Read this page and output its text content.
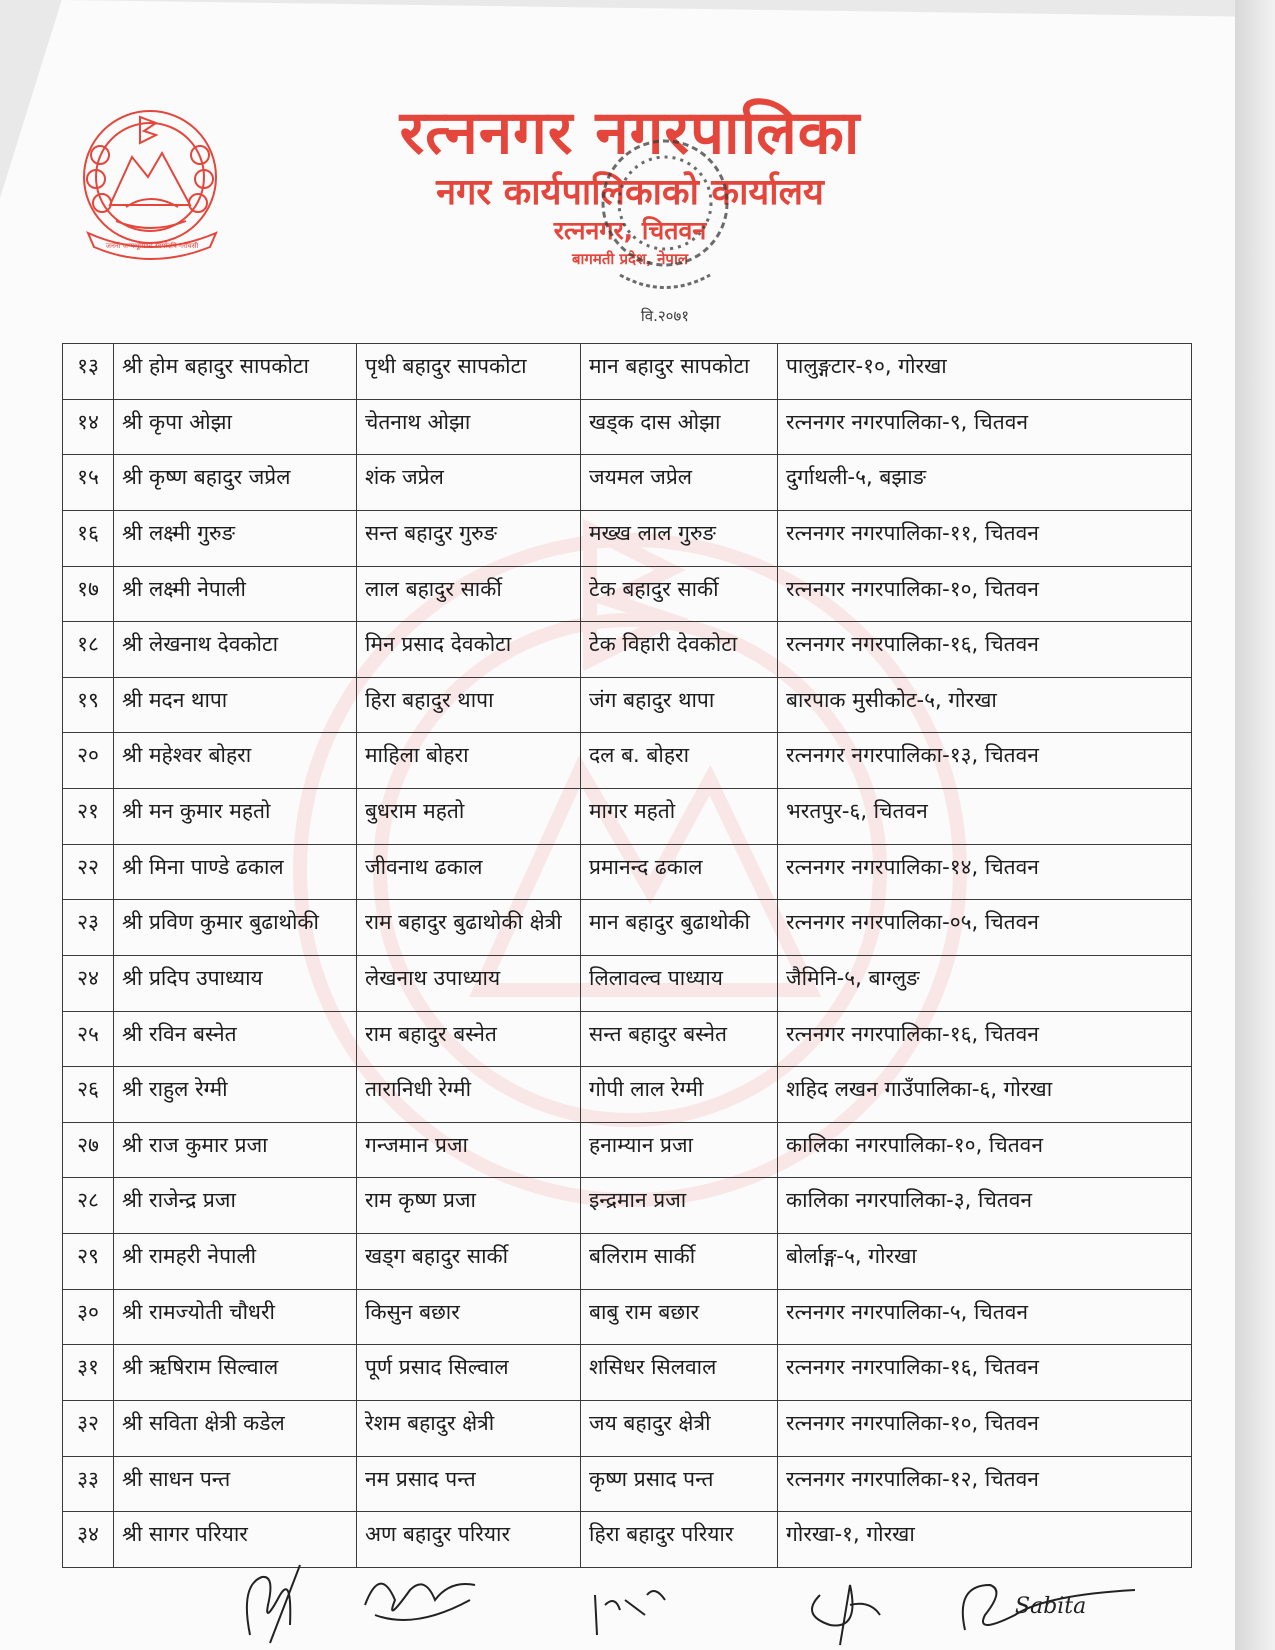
जननी जन्मभूमिश्च स्वर्गादपि गरीयसी
रत्ननगर नगरपालिका
नगर कार्यपालिकाको कार्यालय
रत्ननगर, चितवन
बागमती प्रदेश, नेपाल
वि.२०७१
१३	श्री होम बहादुर सापकोटा	पृथी बहादुर सापकोटा	मान बहादुर सापकोटा	पालुङ्गटार-१०, गोरखा
१४	श्री कृपा ओझा	चेतनाथ ओझा	खड्क दास ओझा	रत्ननगर नगरपालिका-९, चितवन
१५	श्री कृष्ण बहादुर जप्रेल	शंक जप्रेल	जयमल जप्रेल	दुर्गाथली-५, बझाङ
१६	श्री लक्ष्मी गुरुङ	सन्त बहादुर गुरुङ	मख्ख लाल गुरुङ	रत्ननगर नगरपालिका-११, चितवन
१७	श्री लक्ष्मी नेपाली	लाल बहादुर सार्की	टेक बहादुर सार्की	रत्ननगर नगरपालिका-१०, चितवन
१८	श्री लेखनाथ देवकोटा	मिन प्रसाद देवकोटा	टेक विहारी देवकोटा	रत्ननगर नगरपालिका-१६, चितवन
१९	श्री मदन थापा	हिरा बहादुर थापा	जंग बहादुर थापा	बारपाक मुसीकोट-५, गोरखा
२०	श्री महेश्वर बोहरा	माहिला बोहरा	दल ब. बोहरा	रत्ननगर नगरपालिका-१३, चितवन
२१	श्री मन कुमार महतो	बुधराम महतो	मागर महतो	भरतपुर-६, चितवन
२२	श्री मिना पाण्डे ढकाल	जीवनाथ ढकाल	प्रमानन्द ढकाल	रत्ननगर नगरपालिका-१४, चितवन
२३	श्री प्रविण कुमार बुढाथोकी	राम बहादुर बुढाथोकी क्षेत्री	मान बहादुर बुढाथोकी	रत्ननगर नगरपालिका-०५, चितवन
२४	श्री प्रदिप उपाध्याय	लेखनाथ उपाध्याय	लिलावल्व पाध्याय	जैमिनि-५, बाग्लुङ
२५	श्री रविन बस्नेत	राम बहादुर बस्नेत	सन्त बहादुर बस्नेत	रत्ननगर नगरपालिका-१६, चितवन
२६	श्री राहुल रेग्मी	तारानिधी रेग्मी	गोपी लाल रेग्मी	शहिद लखन गाउँपालिका-६, गोरखा
२७	श्री राज कुमार प्रजा	गन्जमान प्रजा	हनाम्यान प्रजा	कालिका नगरपालिका-१०, चितवन
२८	श्री राजेन्द्र प्रजा	राम कृष्ण प्रजा	इन्द्रमान प्रजा	कालिका नगरपालिका-३, चितवन
२९	श्री रामहरी नेपाली	खड्ग बहादुर सार्की	बलिराम सार्की	बोर्लाङ्ग-५, गोरखा
३०	श्री रामज्योती चौधरी	किसुन बछार	बाबु राम बछार	रत्ननगर नगरपालिका-५, चितवन
३१	श्री ऋषिराम सिल्वाल	पूर्ण प्रसाद सिल्वाल	शसिधर सिलवाल	रत्ननगर नगरपालिका-१६, चितवन
३२	श्री सविता क्षेत्री कडेल	रेशम बहादुर क्षेत्री	जय बहादुर क्षेत्री	रत्ननगर नगरपालिका-१०, चितवन
३३	श्री साधन पन्त	नम प्रसाद पन्त	कृष्ण प्रसाद पन्त	रत्ननगर नगरपालिका-१२, चितवन
३४	श्री सागर परियार	अण बहादुर परियार	हिरा बहादुर परियार	गोरखा-१, गोरखा
Sabita
